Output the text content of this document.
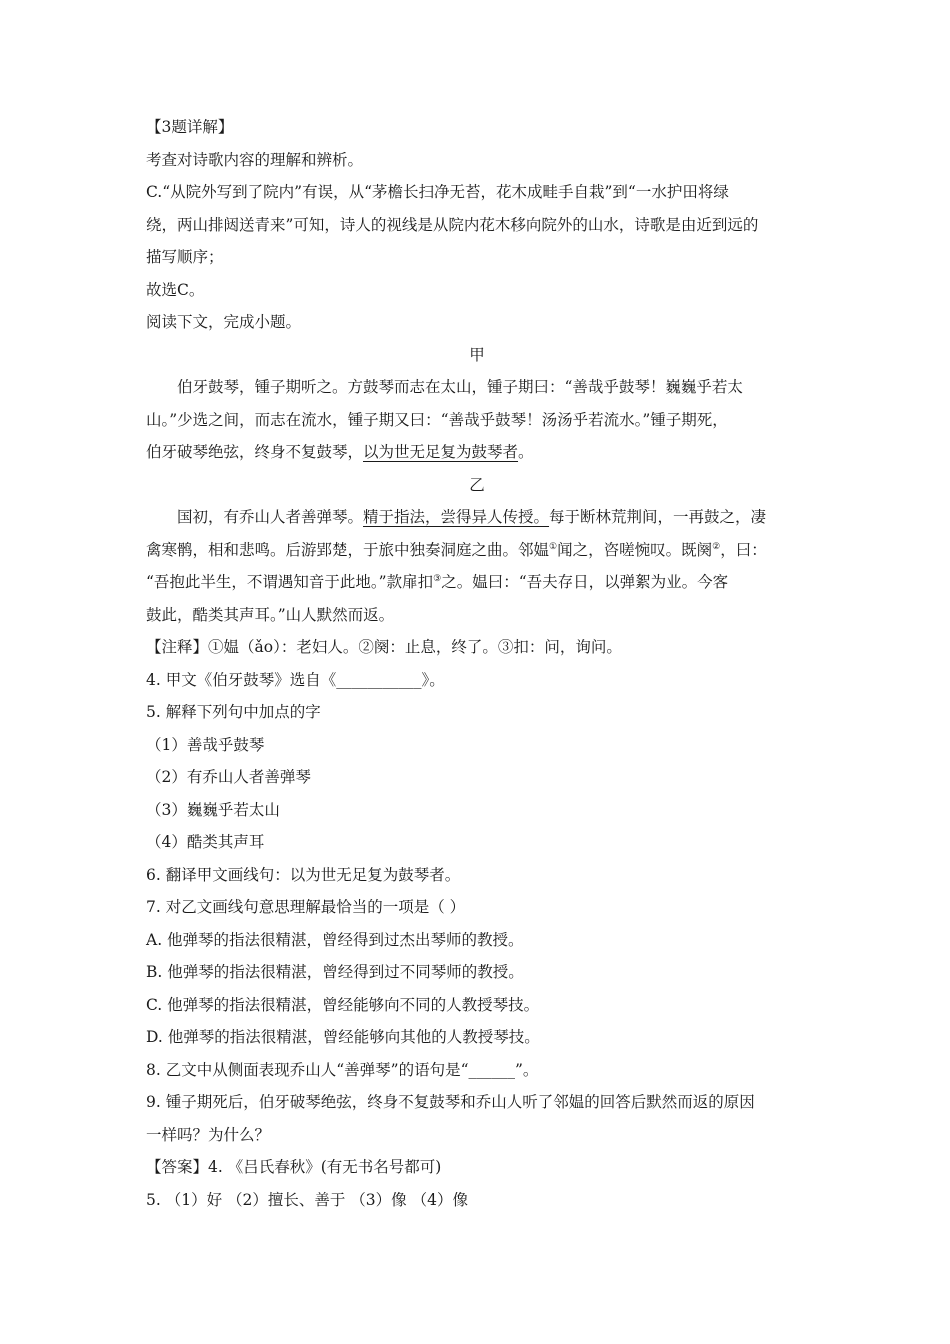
【3题详解】
考查对诗歌内容的理解和辨析。
C.“从院外写到了院内”有误，从“茅檐长扫净无苔，花木成畦手自栽”到“一水护田将绿
绕，两山排闼送青来”可知，诗人的视线是从院内花木移向院外的山水，诗歌是由近到远的
描写顺序；
故选C。
阅读下文，完成小题。
甲
伯牙鼓琴，锺子期听之。方鼓琴而志在太山，锺子期曰：“善哉乎鼓琴！巍巍乎若太
山。”少选之间，而志在流水，锺子期又曰：“善哉乎鼓琴！汤汤乎若流水。”锺子期死，
伯牙破琴绝弦，终身不复鼓琴，以为世无足复为鼓琴者。
乙
国初，有乔山人者善弹琴。精于指法，尝得异人传授。每于断林荒荆间，一再鼓之，凄
禽寒鹘，相和悲鸣。后游郢楚，于旅中独奏洞庭之曲。邻媪①闻之，咨嗟惋叹。既阕②，曰：
“吾抱此半生，不谓遇知音于此地。”款扉扣③之。媪曰：“吾夫存日，以弹絮为业。今客
鼓此，酷类其声耳。”山人默然而返。
【注释】①媪（ǎo）：老妇人。②阕：止息，终了。③扣：问，询问。
4. 甲文《伯牙鼓琴》选自《___________》。
5. 解释下列句中加点的字
（1）善哉乎鼓琴
（2）有乔山人者善弹琴
（3）巍巍乎若太山
（4）酷类其声耳
6. 翻译甲文画线句：以为世无足复为鼓琴者。
7. 对乙文画线句意思理解最恰当的一项是（ ）
A. 他弹琴的指法很精湛，曾经得到过杰出琴师的教授。
B. 他弹琴的指法很精湛，曾经得到过不同琴师的教授。
C. 他弹琴的指法很精湛，曾经能够向不同的人教授琴技。
D. 他弹琴的指法很精湛，曾经能够向其他的人教授琴技。
8. 乙文中从侧面表现乔山人“善弹琴”的语句是“______”。
9. 锺子期死后，伯牙破琴绝弦，终身不复鼓琴和乔山人听了邻媪的回答后默然而返的原因
一样吗？为什么？
【答案】4. 《吕氏春秋》(有无书名号都可)
5. （1）好 （2）擅长、善于 （3）像 （4）像
